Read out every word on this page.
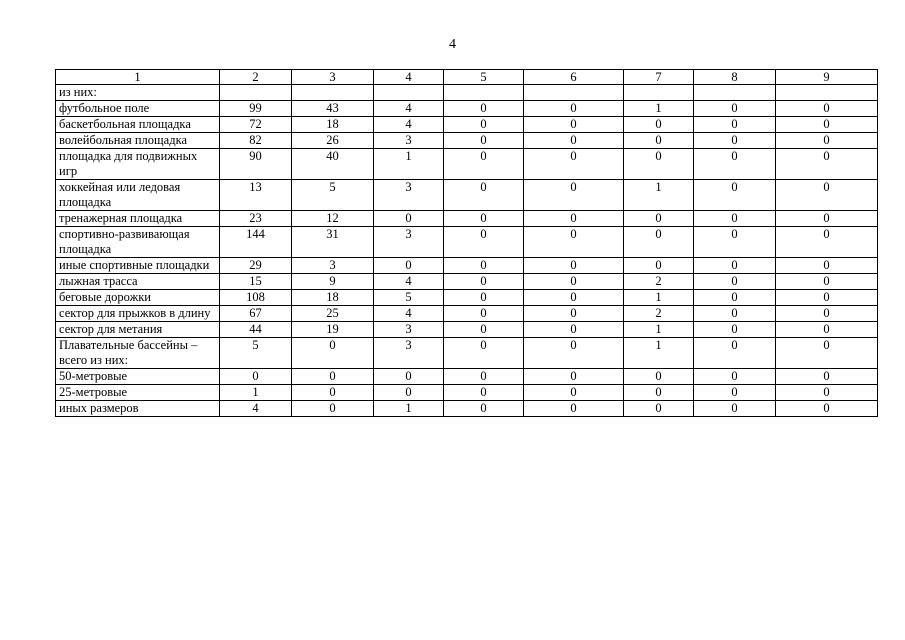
4
1	2	3	4	5	6	7	8	9
из них:								
футбольное поле	99	43	4	0	0	1	0	0
баскетбольная площадка	72	18	4	0	0	0	0	0
волейбольная площадка	82	26	3	0	0	0	0	0
площадка для подвижных игр	90	40	1	0	0	0	0	0
хоккейная или ледовая площадка	13	5	3	0	0	1	0	0
тренажерная площадка	23	12	0	0	0	0	0	0
спортивно-развивающая площадка	144	31	3	0	0	0	0	0
иные спортивные площадки	29	3	0	0	0	0	0	0
лыжная трасса	15	9	4	0	0	2	0	0
беговые дорожки	108	18	5	0	0	1	0	0
сектор для прыжков в длину	67	25	4	0	0	2	0	0
сектор для метания	44	19	3	0	0	1	0	0
Плавательные бассейны – всего из них:	5	0	3	0	0	1	0	0
50-метровые	0	0	0	0	0	0	0	0
25-метровые	1	0	0	0	0	0	0	0
иных размеров	4	0	1	0	0	0	0	0
